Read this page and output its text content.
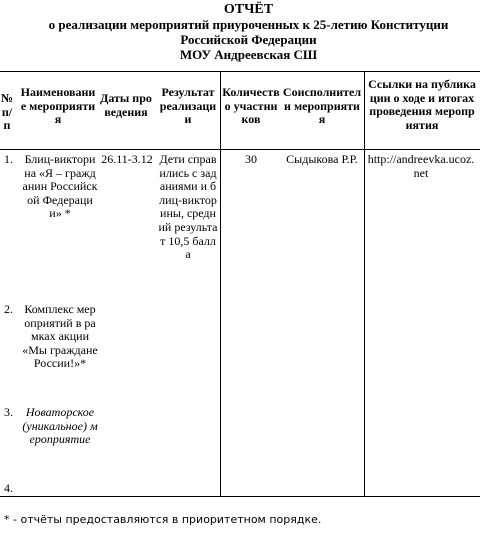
ОТЧЁТ
о реализации мероприятий приуроченных к 25-летию Конституции
Российской Федерации
МОУ Андреевская СШ
№ п/п
Наименование мероприятия
Даты проведения
Результат реализации
Количество участников
Соисполнители мероприятия
Ссылки на публикации о ходе и итогах проведения мероприятия
1. Блиц-викторина «Я – гражданин Российской Федерации» *
26.11-3.12 Дети справились с заданиями и блиц-викторины, средний результат 10,5 балла
30	Сыдыкова Р.Р. http://andreevka.ucoz.net
2. Комплекс мероприятий в рамках акции «Мы граждане России!»*
3.	Новаторское (уникальное) мероприятие
4.
* - отчёты предоставляются в приоритетном порядке.
